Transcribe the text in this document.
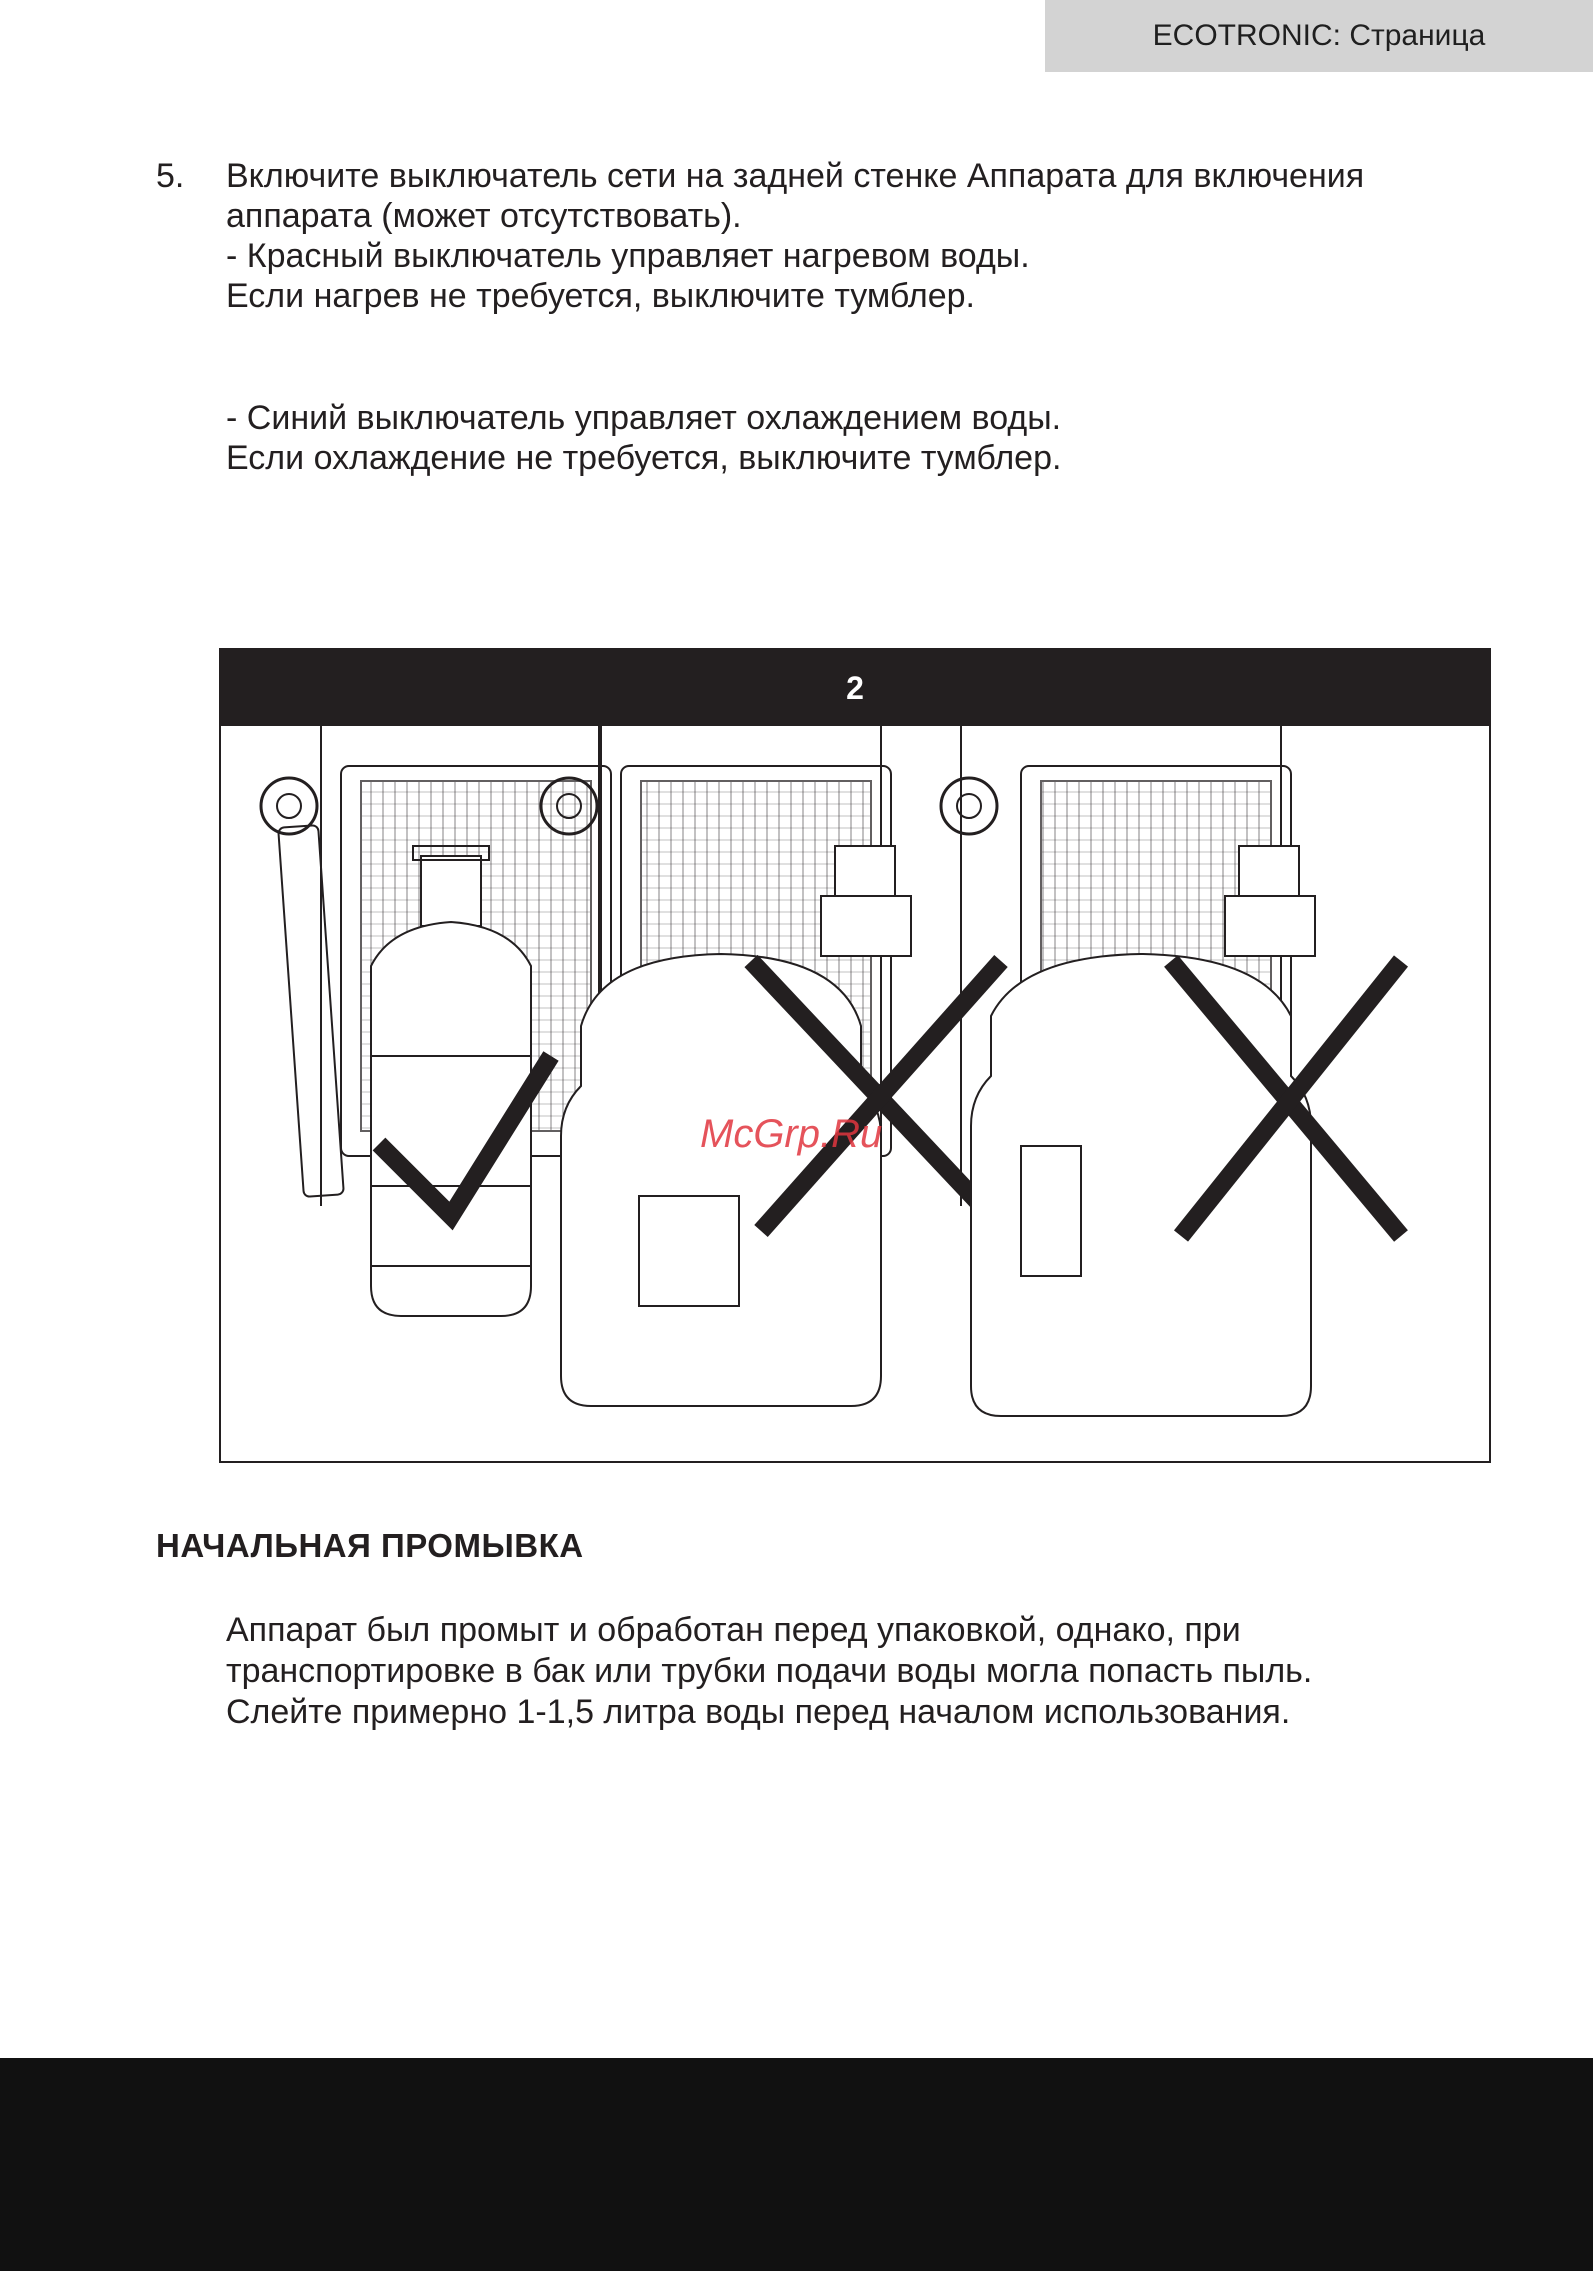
ECOTRONIC: Страница
5. Включите выключатель сети на задней стенке Аппарата для включения
аппарата (может отсутствовать).
- Красный выключатель управляет нагревом воды.
Если нагрев не требуется, выключите тумблер.
- Синий выключатель управляет охлаждением воды.
Если охлаждение не требуется, выключите тумблер.
2
McGrp.Ru
НАЧАЛЬНАЯ ПРОМЫВКА
Аппарат был промыт и обработан перед упаковкой, однако, при
транспортировке в бак или трубки подачи воды могла попасть пыль.
Слейте примерно 1-1,5 литра воды перед началом использования.
